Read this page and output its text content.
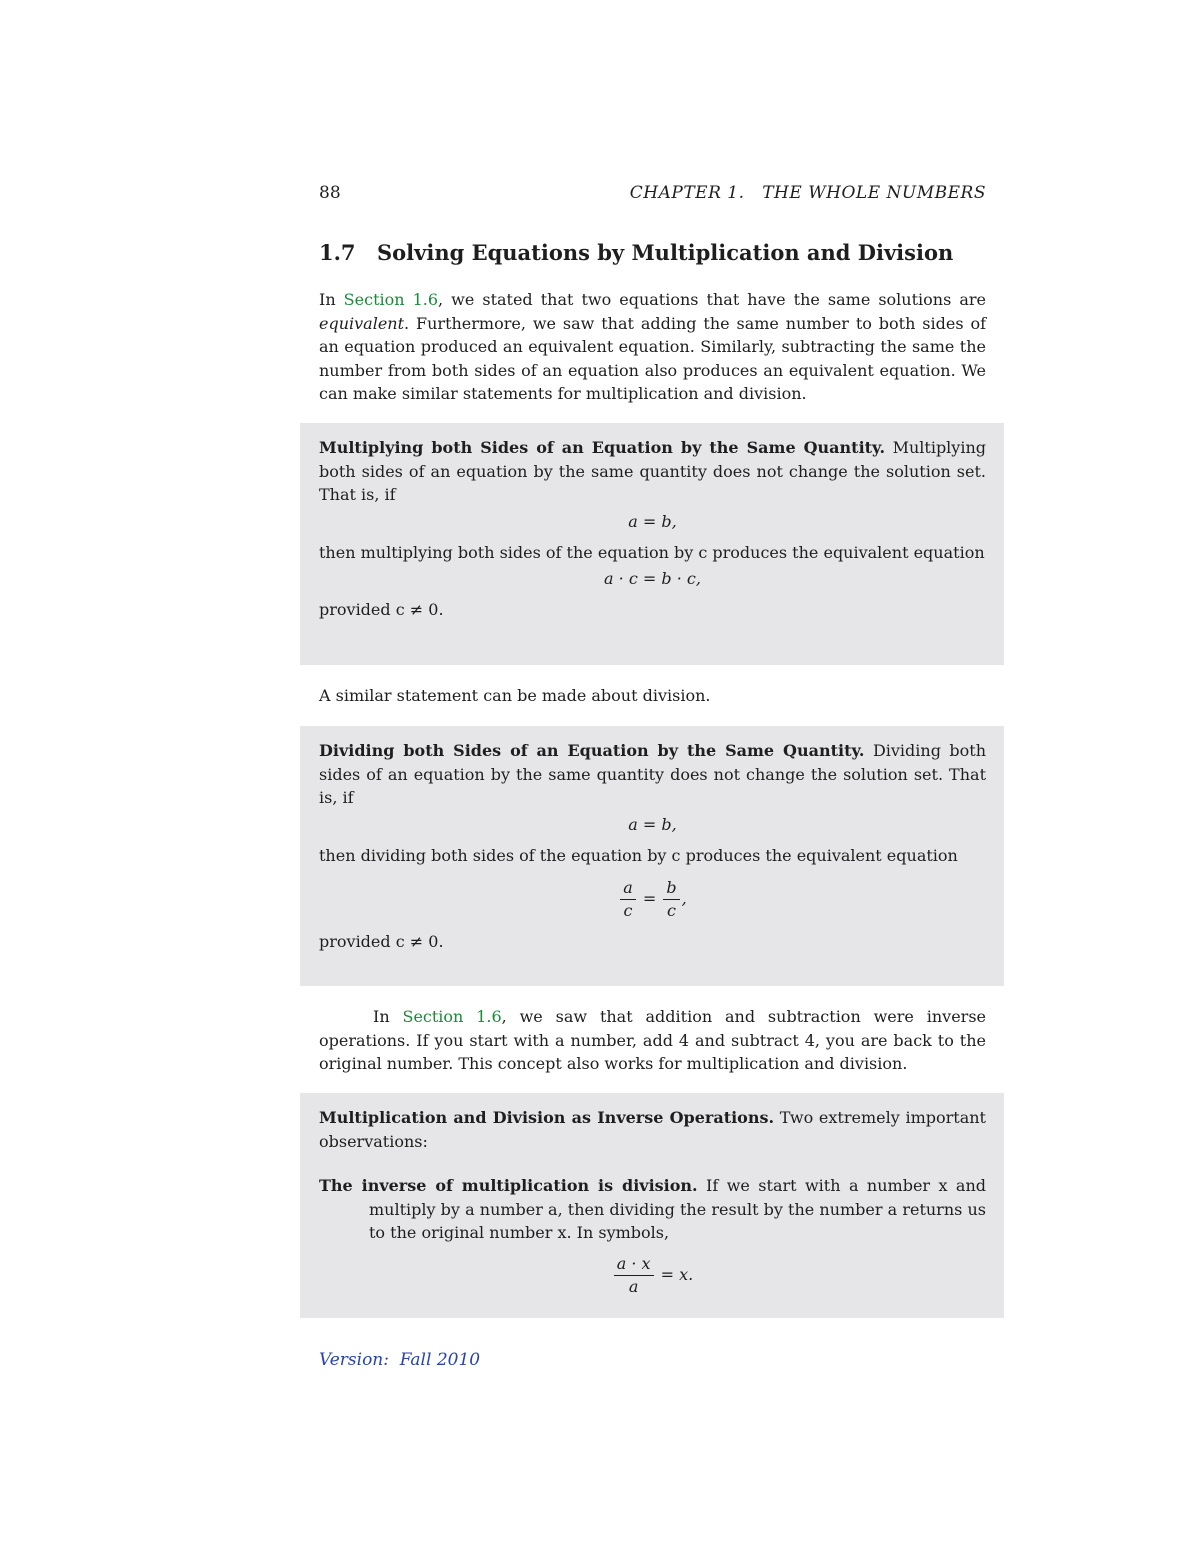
88	CHAPTER 1.   THE WHOLE NUMBERS
1.7 Solving Equations by Multiplication and Division

In Section 1.6, we stated that two equations that have the same solutions are equivalent. Furthermore, we saw that adding the same number to both sides of an equation produced an equivalent equation. Similarly, subtracting the same the number from both sides of an equation also produces an equivalent equation. We can make similar statements for multiplication and division.

Multiplying both Sides of an Equation by the Same Quantity. Multiplying both sides of an equation by the same quantity does not change the solution set. That is, if

a = b,

then multiplying both sides of the equation by c produces the equivalent equation

a · c = b · c,

provided c ≠ 0.

A similar statement can be made about division.

Dividing both Sides of an Equation by the Same Quantity. Dividing both sides of an equation by the same quantity does not change the solution set. That is, if

a = b,

then dividing both sides of the equation by c produces the equivalent equation

$\frac{a}{c} = \frac{b}{c}$ ,

provided c ≠ 0.

In Section 1.6, we saw that addition and subtraction were inverse operations. If you start with a number, add 4 and subtract 4, you are back to the original number. This concept also works for multiplication and division.

Multiplication and Division as Inverse Operations. Two extremely important observations:

The inverse of multiplication is division. If we start with a number x and multiply by a number a, then dividing the result by the number a returns us to the original number x. In symbols,

$\frac{a \cdot x}{a} = x$.
Version:  Fall 2010
